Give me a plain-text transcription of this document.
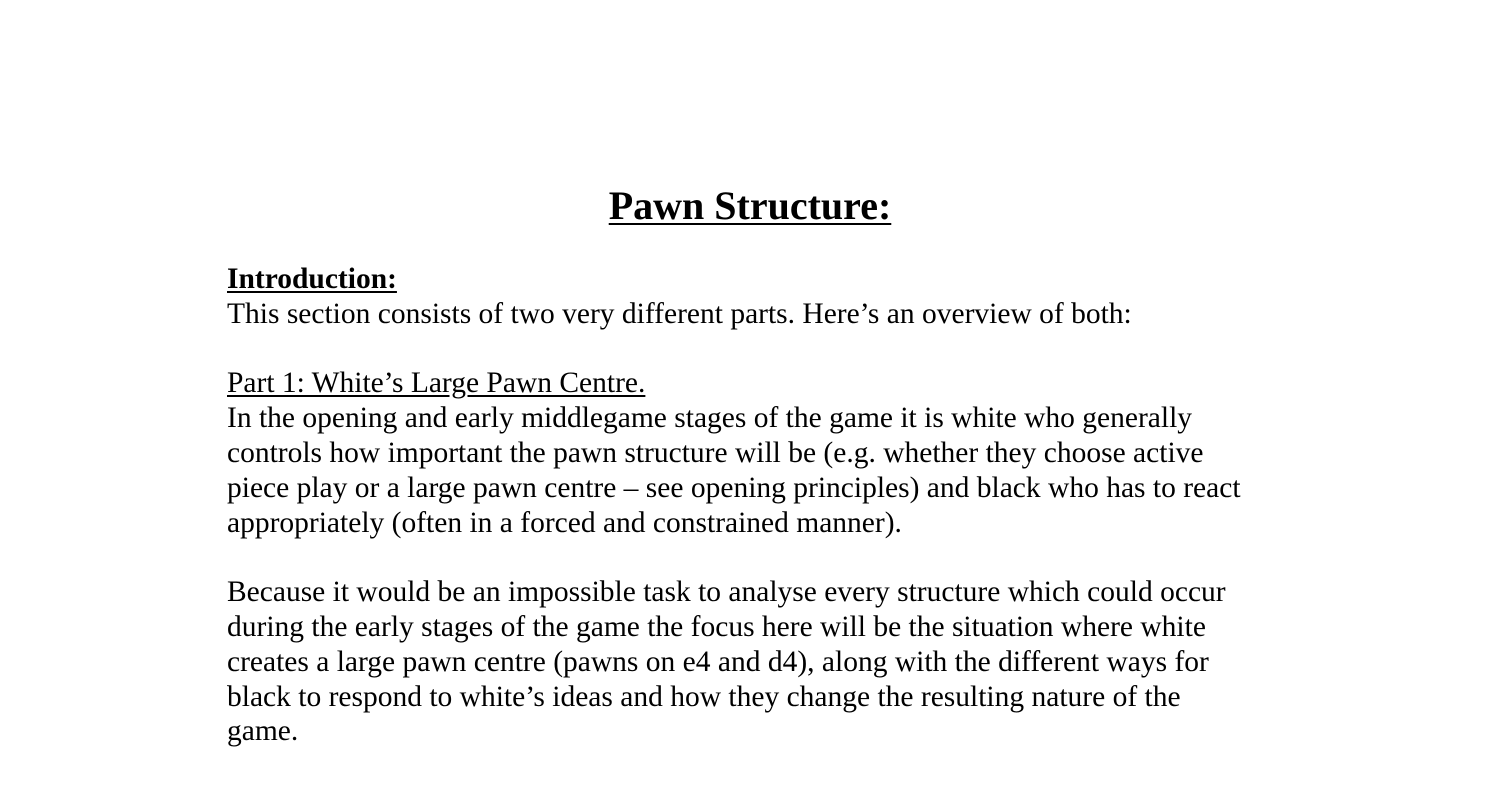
Pawn Structure:

Introduction:

This section consists of two very different parts. Here’s an overview of both:

Part 1: White’s Large Pawn Centre.

In the opening and early middlegame stages of the game it is white who generally
controls how important the pawn structure will be (e.g. whether they choose active
piece play or a large pawn centre – see opening principles) and black who has to react
appropriately (often in a forced and constrained manner).

Because it would be an impossible task to analyse every structure which could occur
during the early stages of the game the focus here will be the situation where white
creates a large pawn centre (pawns on e4 and d4), along with the different ways for
black to respond to white’s ideas and how they change the resulting nature of the
game.
